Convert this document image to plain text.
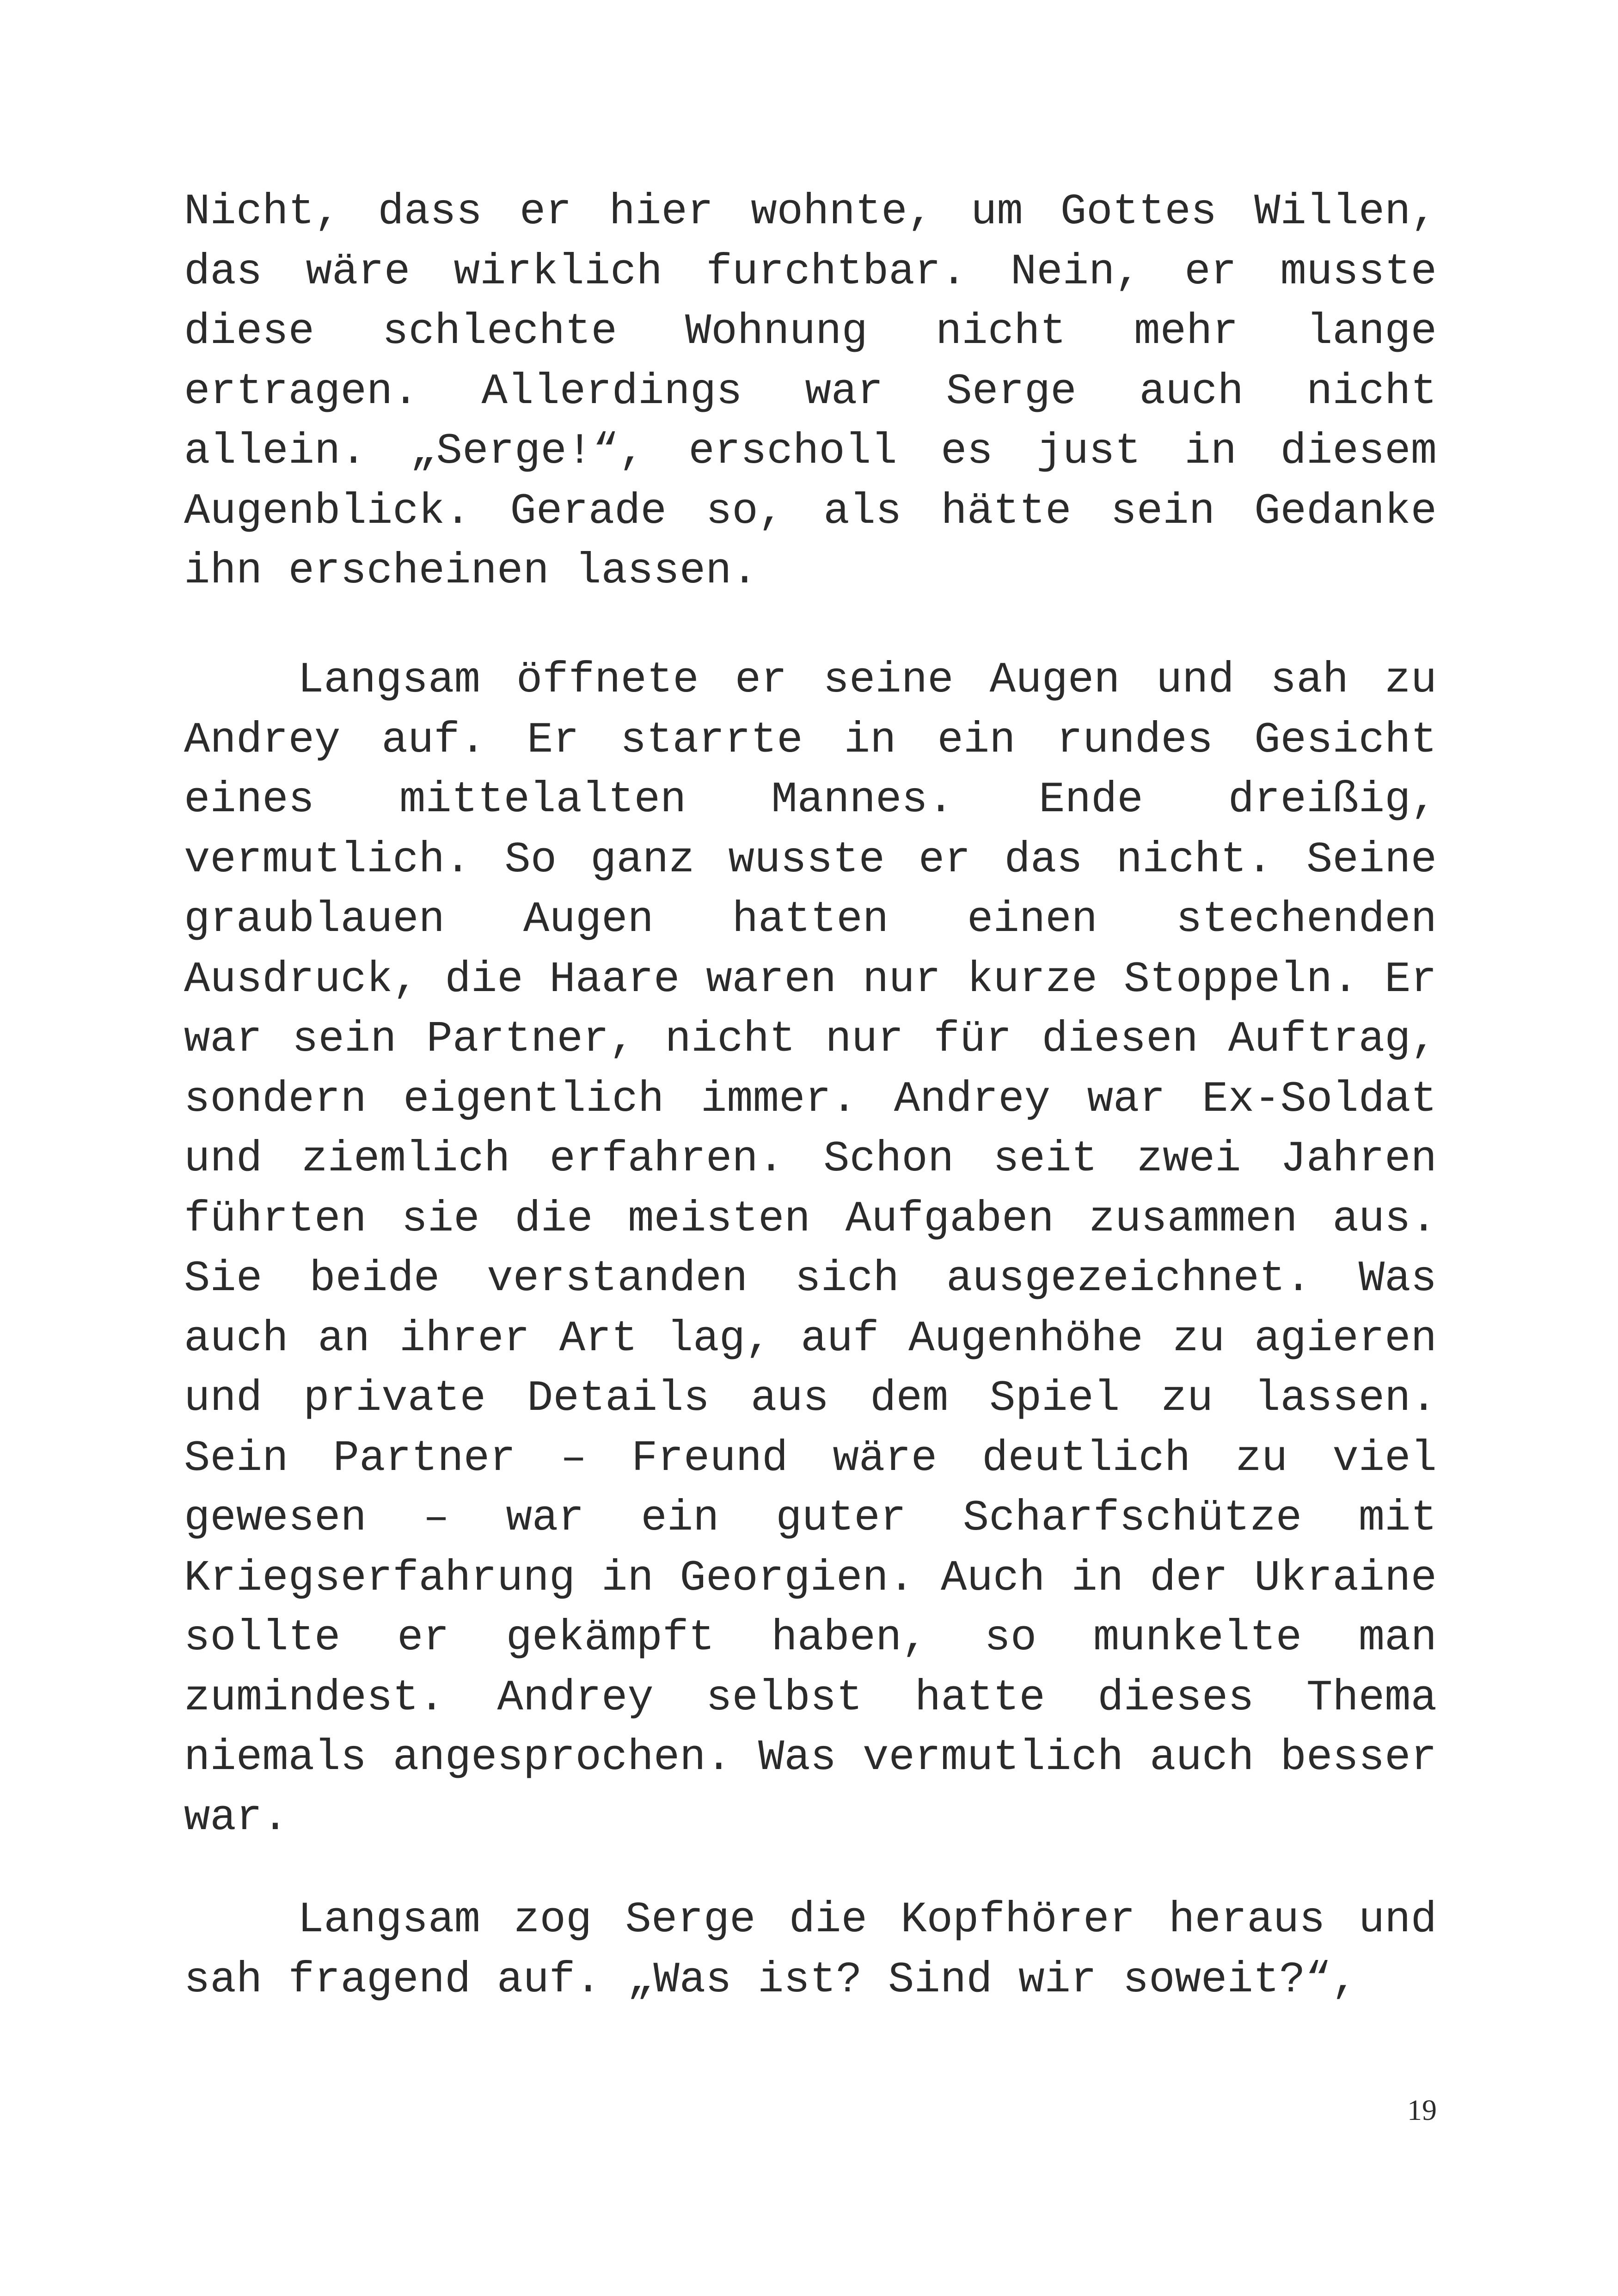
Nicht, dass er hier wohnte, um Gottes Willen, das wäre wirklich furchtbar. Nein, er musste diese schlechte Wohnung nicht mehr lange ertragen. Allerdings war Serge auch nicht allein. „Serge!“, erscholl es just in diesem Augenblick. Gerade so, als hätte sein Gedanke ihn erscheinen lassen.

Langsam öffnete er seine Augen und sah zu Andrey auf. Er starrte in ein rundes Gesicht eines mittelalten Mannes. Ende dreißig, vermutlich. So ganz wusste er das nicht. Seine graublauen Augen hatten einen stechenden Ausdruck, die Haare waren nur kurze Stoppeln. Er war sein Partner, nicht nur für diesen Auftrag, sondern eigentlich immer. Andrey war Ex-Soldat und ziemlich erfahren. Schon seit zwei Jahren führten sie die meisten Aufgaben zusammen aus. Sie beide verstanden sich ausgezeichnet. Was auch an ihrer Art lag, auf Augenhöhe zu agieren und private Details aus dem Spiel zu lassen. Sein Partner – Freund wäre deutlich zu viel gewesen – war ein guter Scharfschütze mit Kriegserfahrung in Georgien. Auch in der Ukraine sollte er gekämpft haben, so munkelte man zumindest. Andrey selbst hatte dieses Thema niemals angesprochen. Was vermutlich auch besser war.

Langsam zog Serge die Kopfhörer heraus und sah fragend auf. „Was ist? Sind wir soweit?“,

19
